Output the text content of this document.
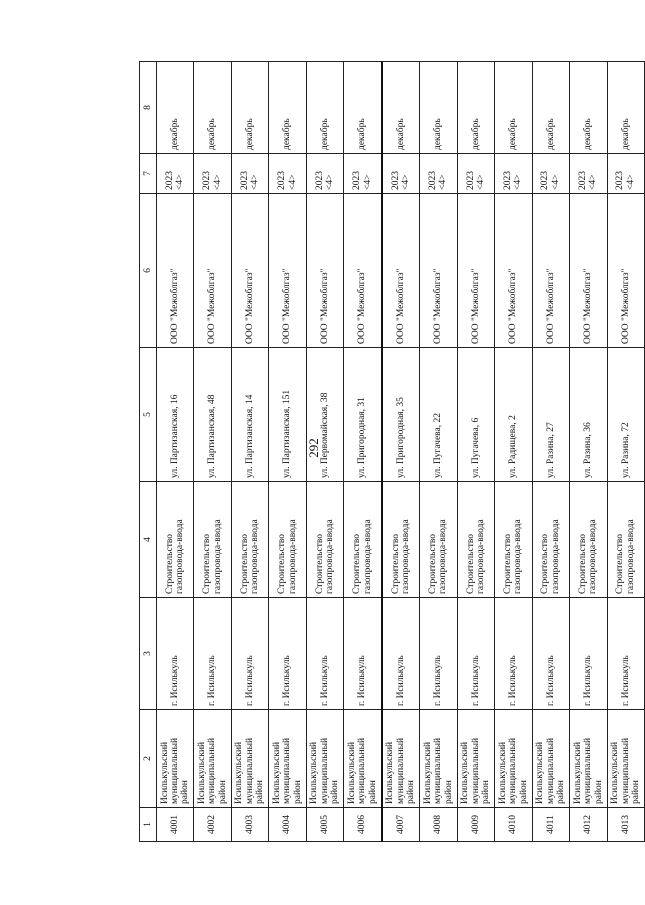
292
1	2	3	4	5	6	7	8
4001	Исилькульский муниципальный район	г. Исилькуль	Строительство газопровода-ввода	ул. Партизанская, 16	ООО "Межоблгаз"	2023 <4>	декабрь
4002	Исилькульский муниципальный район	г. Исилькуль	Строительство газопровода-ввода	ул. Партизанская, 48	ООО "Межоблгаз"	2023 <4>	декабрь
4003	Исилькульский муниципальный район	г. Исилькуль	Строительство газопровода-ввода	ул. Партизанская, 14	ООО "Межоблгаз"	2023 <4>	декабрь
4004	Исилькульский муниципальный район	г. Исилькуль	Строительство газопровода-ввода	ул. Партизанская, 151	ООО "Межоблгаз"	2023 <4>	декабрь
4005	Исилькульский муниципальный район	г. Исилькуль	Строительство газопровода-ввода	ул. Первомайская, 38	ООО "Межоблгаз"	2023 <4>	декабрь
4006	Исилькульский муниципальный район	г. Исилькуль	Строительство газопровода-ввода	ул. Пригородная, 31	ООО "Межоблгаз"	2023 <4>	декабрь
4007	Исилькульский муниципальный район	г. Исилькуль	Строительство газопровода-ввода	ул. Пригородная, 35	ООО "Межоблгаз"	2023 <4>	декабрь
4008	Исилькульский муниципальный район	г. Исилькуль	Строительство газопровода-ввода	ул. Пугачева, 22	ООО "Межоблгаз"	2023 <4>	декабрь
4009	Исилькульский муниципальный район	г. Исилькуль	Строительство газопровода-ввода	ул. Пугачева, 6	ООО "Межоблгаз"	2023 <4>	декабрь
4010	Исилькульский муниципальный район	г. Исилькуль	Строительство газопровода-ввода	ул. Радищева, 2	ООО "Межоблгаз"	2023 <4>	декабрь
4011	Исилькульский муниципальный район	г. Исилькуль	Строительство газопровода-ввода	ул. Разина, 27	ООО "Межоблгаз"	2023 <4>	декабрь
4012	Исилькульский муниципальный район	г. Исилькуль	Строительство газопровода-ввода	ул. Разина, 36	ООО "Межоблгаз"	2023 <4>	декабрь
4013	Исилькульский муниципальный район	г. Исилькуль	Строительство газопровода-ввода	ул. Разина, 72	ООО "Межоблгаз"	2023 <4>	декабрь
